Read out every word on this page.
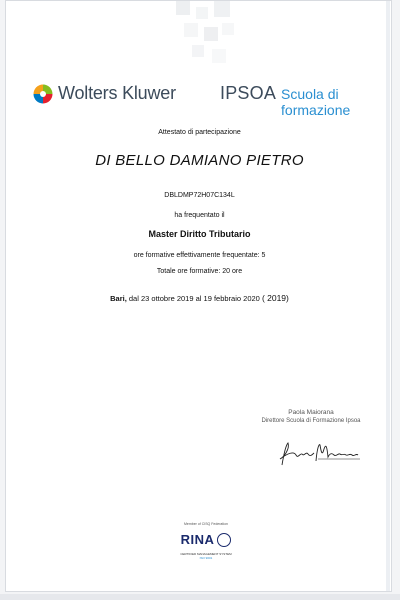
Wolters Kluwer IPSOA Scuola di formazione
Attestato di partecipazione
DI BELLO DAMIANO PIETRO
DBLDMP72H07C134L
ha frequentato il
Master Diritto Tributario
ore formative effettivamente frequentate: 5
Totale ore formative: 20 ore
Bari, dal 23 ottobre 2019 al 19 febbraio 2020 ( 2019)
Paola Maiorana
Direttore Scuola di Formazione Ipsoa
Member of CISQ Federation
RINA
CERTIFIED MANAGEMENT SYSTEM
ISO 9001
